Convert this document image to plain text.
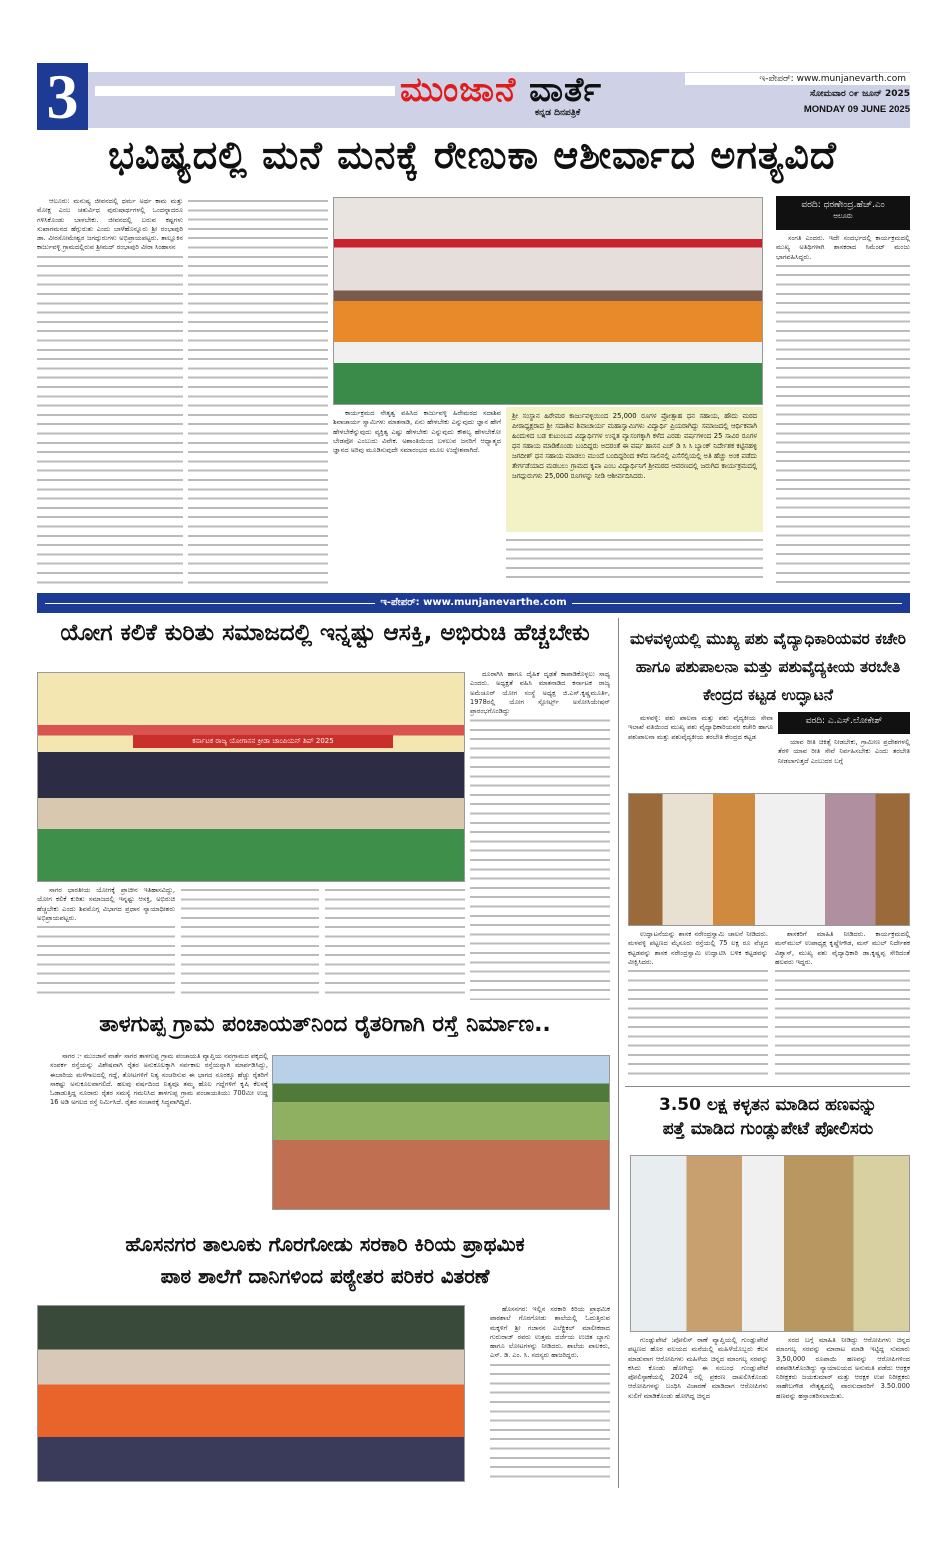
3	ಮುಂಜಾನೆ ವಾರ್ತೆ
ಕನ್ನಡ ದಿನಪತ್ರಿಕೆ
ಇ-ಪೇಪರ್: www.munjanevarth.com
ಸೋಮವಾರ ೦೯ ಜೂನ್ 2025
MONDAY 09 JUNE 2025
ಭವಿಷ್ಯದಲ್ಲಿ ಮನೆ ಮನಕ್ಕೆ ರೇಣುಕಾ ಆಶೀರ್ವಾದ ಅಗತ್ಯವಿದೆ

ಆಲೂರು: ಮನುಷ್ಯ ಜೀವನದಲ್ಲಿ ಧರ್ಮ ಅರ್ಥ ಕಾಮ ಮತ್ತು ಮೋಕ್ಷ ಎಂಬ ಚತುರ್ವಿಧ ಪುರುಷಾರ್ಥಗಳಲ್ಲಿ ಒಂದನ್ನಾದರೂ ಗಳಿಸಿಕೊಂಡು ಬಾಳಬೇಕು. ಜೀವನದಲ್ಲಿ ಬರುವ ಕಷ್ಟಗಳು ಸುಖಾಗಮನದ ಹೆಗ್ಗುರುತು ಎಂದು ಬಾಳೆಹೊನ್ನೂರು ಶ್ರೀ ರಂಭಾಪುರಿ ಡಾ. ವೀರಸೋಮೇಶ್ವರ ಜಗದ್ಗುರುಗಳು ಅಭಿಪ್ರಾಯಪಟ್ಟರು. ತಾಲ್ಲೂಕಿನ ಕಾರ್ಜುವಳ್ಳಿ ಗ್ರಾಮದಲ್ಲಿರುವ ಶ್ರೀಮದ್ ರಂಭಾಪುರಿ ವೀರಾ ಸಿಂಹಾಸನ

ಕಾರ್ಯಕ್ರಮದ ನೇತೃತ್ವ ವಹಿಸಿದ ಕಾರ್ಜುವಳ್ಳಿ ಹಿರೇಮಠದ ಸದಾಶಿವ ಶಿವಾಚಾರ್ಯ ಸ್ವಾಮಿಗಳು ಮಾತನಾಡಿ, ಏನು ಹೇಳಬೇಕು ಎನ್ನುವುದು ಜ್ಞಾನ ಹೇಗೆ ಹೇಳಬೇಕೆನ್ನುವುದು ವ್ಯಕ್ತಿತ್ವ ಎಷ್ಟು ಹೇಳಬೇಕು ಎನ್ನುವುದು ಕೌಶಲ್ಯ ಹೇಳಬೇಕೋ ಬೇಡವೋ ಎಂಬುದು ವಿವೇಕ. ಅಶಾಂತಿಯಿಂದ ಬಳಲುವ ಜನರಿಗೆ ಆಧ್ಯಾತ್ಮದ ಜ್ಞಾನದ ಅರಿವು ಮೂಡಿಸುವುದೇ ಸಮಾರಂಭದ ಮೂಲ ಉದ್ದೇಶವಾಗಿದೆ.

ಶ್ರೀ ಸಂಸ್ಥಾನ ಹಿರೇಮಠ ಕಾರ್ಜುವಳ್ಳಿಯಿಂದ 25,000 ರೂಗಳ ಪ್ರೋತ್ಸಾಹ ಧನ ಸಹಾಯ, ಹೌದು ಮಠದ ಪೀಠಾಧ್ಯಕ್ಷರಾದ ಶ್ರೀ ಸದಾಶಿವ ಶಿವಾಚಾರ್ಯ ಮಹಾಸ್ವಾಮಿಗಳು ವಿದ್ಯಾರ್ಥಿ ಪ್ರಿಯರಾಗಿದ್ದು ಸಮಾಜದಲ್ಲಿ ಆರ್ಥಿಕವಾಗಿ ಹಿಂದುಳಿದ ಬಡ ಕುಟುಂಬದ ವಿದ್ಯಾರ್ಥಿಗಳ ಉನ್ನತ ವ್ಯಾಸಂಗಕ್ಕಾಗಿ ಕಳೆದ ಎರಡು ವರ್ಷಗಳಿಂದ 25 ಸಾವಿರ ರೂಗಳ ಧನ ಸಹಾಯ ಮಾಡಿಕೊಂಡು ಬಂದಿದ್ದರು ಅದರಂತೆ ಈ ವರ್ಷ ಹಾಸನ ಎಚ್ ಡಿ ಸಿ ಸಿ ಬ್ಯಾಂಕ್ ನಿರ್ದೇಶಕ ಕಟ್ಟಿನಹಳ್ಳಿ ಜಗದೀಶ್ ಧನ ಸಹಾಯ ಮಾಡಲು ಮುಂದೆ ಬಂದಿದ್ದರಿಂದ ಕಳೆದ ಸಾಲಿನಲ್ಲಿ ಎಸೆಸೆಲ್ಸಿಯಲ್ಲಿ ಅತಿ ಹೆಚ್ಚು ಅಂಕ ಪಡೆದು ತೇರ್ಗಡೆಯಾದ ಮಡಬಲು ಗ್ರಾಮದ ಕೃಪಾ ಎಂಬ ವಿದ್ಯಾರ್ಥಿನಿಗೆ ಶ್ರೀಮಠದ ಆವರಣದಲ್ಲಿ ಜರುಗಿದ ಕಾರ್ಯಕ್ರಮದಲ್ಲಿ ಜಗದ್ಗುರುಗಳು 25,000 ರೂಗಳನ್ನು ನೀಡಿ ಆಶೀರ್ವದಿಸಿದರು.
ವರದಿ: ಧರಣೇಂದ್ರ.ಹೆಚ್.ಎಂ
ಆಲೂರು

ಸಂಗತಿ ಎಂದರು. ಇದೇ ಸಂದರ್ಭದಲ್ಲಿ ಕಾರ್ಯಕ್ರಮದಲ್ಲಿ ಮುಖ್ಯ ಅತಿಥಿಗಳಾಗಿ ಶಾಸಕರಾದ ಸಿಮೆಂಟ್ ಮಂಜು ಭಾಗವಹಿಸಿದ್ದರು.

ಇ-ಪೇಪರ್: www.munjanevarthe.com
ಯೋಗ ಕಲಿಕೆ ಕುರಿತು ಸಮಾಜದಲ್ಲಿ ಇನ್ನಷ್ಟು ಆಸಕ್ತಿ, ಅಭಿರುಚಿ ಹೆಚ್ಚಬೇಕು
ಕರ್ನಾಟಕ ರಾಜ್ಯ ಯೋಗಾಸನ ಕ್ರೀಡಾ ಚಾಂಪಿಯನ್ ಶಿಪ್ 2025

ದೂರಾಗಿಸಿ ಹಾಗೂ ದೈಹಿಕ ದೃಢತೆ ಕಾಪಾಡಿಕೊಳ್ಳಲು ಸಾಧ್ಯ ಎಂದರು. ಅಧ್ಯಕ್ಷತೆ ವಹಿಸಿ ಮಾತನಾಡಿದ ಕರ್ನಾಟಕ ರಾಜ್ಯ ಅಮೆಚೂರ್ ಯೋಗ ಸಂಸ್ಥೆ ಅಧ್ಯಕ್ಷ ಜಿ.ಎಸ್.ಕೃಷ್ಣಮೂರ್ತಿ, 1978ರಲ್ಲಿ ಯೋಗ ಸ್ಪೋರ್ಟ್ಸ್ ಅಸೋಸಿಯೇಷನ್ ಪ್ರಾರಂಭಗೊಂಡಿದ್ದು

ಸಾಗರ ಭಾರತೀಯ ಯೋಗಕ್ಕೆ ಪ್ರಾಚೀನ ಇತಿಹಾಸವಿದ್ದು, ಯೋಗ ಕಲಿಕೆ ಕುರಿತು ಸಮಾಜದಲ್ಲಿ ಇನ್ನಷ್ಟು ಆಸಕ್ತಿ, ಅಭಿರುಚಿ ಹೆಚ್ಚಬೇಕು ಎಂದು ಶಿವಮೊಗ್ಗ ವಿಭಾಗದ ಪ್ರಧಾನ ನ್ಯಾಯಾಧೀಶರು ಅಭಿಪ್ರಾಯಪಟ್ಟರು.

ಮಳವಳ್ಳಿಯಲ್ಲಿ ಮುಖ್ಯ ಪಶು ವೈದ್ಯಾಧಿಕಾರಿಯವರ ಕಚೇರಿ ಹಾಗೂ ಪಶುಪಾಲನಾ ಮತ್ತು ಪಶುವೈದ್ಯಕೀಯ ತರಬೇತಿ ಕೇಂದ್ರದ ಕಟ್ಟಡ ಉದ್ಘಾಟನೆ
ವರದಿ: ಎ.ಎಸ್.ಲೋಕೇಶ್

ಮಳವಳ್ಳಿ: ಪಶು ಪಾಲನಾ ಮತ್ತು ಪಶು ವೈದ್ಯಕೀಯ ಸೇವಾ ಇಲಾಖೆ ವತಿಯಿಂದ ಮುಖ್ಯ ಪಶು ವೈದ್ಯಾಧಿಕಾರಿಯವರ ಕಚೇರಿ ಹಾಗೂ ಪಶುಪಾಲನಾ ಮತ್ತು ಪಶುವೈದ್ಯಕೀಯ ತರಬೇತಿ ಕೇಂದ್ರದ ಕಟ್ಟಡ

ಯಾವ ರೀತಿ ಚಿಕಿತ್ಸೆ ನೀಡಬೇಕು, ಗ್ರಾಮೀಣ ಪ್ರದೇಶಗಳಲ್ಲಿ ತೆರಳಿ ಯಾವ ರೀತಿ ಸೇವೆ ನಿರ್ವಹಿಸಬೇಕು ಎಂದು ತರಬೇತಿ ನೀಡಲಾಗುತ್ತದೆ ಎಂಬುದರ ಬಗ್ಗೆ

ಉದ್ಘಾಟನೆಯನ್ನು ಶಾಸಕ ನರೇಂದ್ರಸ್ವಾಮಿ ಚಾಲನೆ ನೀಡಿದರು. ಮಳವಳ್ಳಿ ಪಟ್ಟಣದ ಮೈಸೂರು ರಸ್ತೆಯಲ್ಲಿ 75 ಲಕ್ಷ ರೂ ವೆಚ್ಚದ ಕಟ್ಟಡವನ್ನು ಶಾಸಕ ನರೇಂದ್ರಸ್ವಾಮಿ ಉದ್ಘಾಟಿಸಿ ಬಳಿಕ ಕಟ್ಟಡವನ್ನು ವೀಕ್ಷಿಸಿದರು.

ಶಾಸಕರಿಗೆ ಮಾಹಿತಿ ನೀಡಿದರು. ಕಾರ್ಯಕ್ರಮದಲ್ಲಿ ಮನ್‌ಮುಲ್ ಉಪಾಧ್ಯಕ್ಷ ಕೃಷ್ಣೇಗೌಡ, ಮನ್ ಮುಲ್ ನಿರ್ದೇಶಕ ವಿಶ್ವಾಸ್, ಮುಖ್ಯ ಪಶು ವೈದ್ಯಾಧಿಕಾರಿ ಡಾ.ಕೃಷ್ಣಪ್ಪ ಸೇರಿದಂತೆ ಹಲವರು ಇದ್ದರು.

ತಾಳಗುಪ್ಪ ಗ್ರಾಮ ಪಂಚಾಯತ್‌ನಿಂದ ರೈತರಿಗಾಗಿ ರಸ್ತೆ ನಿರ್ಮಾಣ..

ಸಾಗರ :- ಮುಂಜಾನೆ ವಾರ್ತೆ ಸಾಗರ ತಾಳಗುಪ್ಪ ಗ್ರಾಮ ಪಂಚಾಯತಿ ವ್ಯಾಪ್ತಿಯ ನವಗ್ರಾಮದ ಪಕ್ಕದಲ್ಲಿ ಸಂಪರ್ಕ ರಸ್ತೆಯನ್ನು ವಿಶೇಷವಾಗಿ ರೈತರ ಅನುಕೂಲಕ್ಕಾಗಿ ಸರ್ವಕಾಲ ರಸ್ತೆಯನ್ನಾಗಿ ಮಾರ್ಪಡಿಸಿದ್ದು, ಈಬಾರಿಯ ಮಳೆಗಾಲದಲ್ಲಿ ಗದ್ದೆ, ತೋಟಗಳಿಗೆ ನಿತ್ಯ ಸಂಚರಿಸುವ ಈ ಭಾಗದ ನೂರಕ್ಕೂ ಹೆಚ್ಚು ರೈತರಿಗೆ ಸಾಕಷ್ಟು ಅನುಕೂಲವಾಗಲಿದೆ. ಹಲವು ವರ್ಷದಿಂದ ನಿತ್ಯವೂ ತಮ್ಮ ಹೊಲ ಗದ್ದೆಗಳಿಗೆ ಕೃಷಿ ಕೆಲಸಕ್ಕೆ ಓಡಾಡುತ್ತಿದ್ದ ನೂರಾರು ರೈತರ ಸಮಸ್ಯೆ ಗಮನಿಸಿದ ತಾಳಗುಪ್ಪ ಗ್ರಾಮ ಪಂಚಾಯತಿಯು 700ಮೀ ಉದ್ದ 16 ಅಡಿ ಅಗಲದ ರಸ್ತೆ ನಿರ್ಮಿಸಿದೆ. ರೈತರ ಸಂಚಾರಕ್ಕೆ ಸಿದ್ಧವಾಗಿದ್ದಿದೆ.	3.50 ಲಕ್ಷ ಕಳ್ಳತನ ಮಾಡಿದ ಹಣವನ್ನು
ಪತ್ತೆ ಮಾಡಿದ ಗುಂಡ್ಲುಪೇಟೆ ಪೋಲಿಸರು

ಗುಂಡ್ಲುಪೇಟೆ :ಪೋಲಿಸ್ ಠಾಣೆ ವ್ಯಾಪ್ತಿಯಲ್ಲಿ ಗುಂಡ್ಲುಪೇಟೆ ಪಟ್ಟಣದ ಹೊರ ವಲಯದ ಮನೆಯಲ್ಲಿ ಮಹಿಳೆಯೊಬ್ಬರು ಕೆಲಸ ಮಾಡುವಾಗ ಆರೋಪಿಗಳು ಮಹಿಳೆಯ ಚಿನ್ನದ ಮಾಂಗಲ್ಯ ಸರವನ್ನು ಕಸಿದು ಕೊಂಡು ಹೋಗಿದ್ದು ಈ ಸಂಬಂಧ ಗುಂಡ್ಲುಪೇಟೆ ಪೋಲಿಸ್ಠಾಣೆಯಲ್ಲಿ 2024 ರಲ್ಲಿ ಪ್ರಕರಣ ದಾಖಲಿಸಿಕೊಂಡು ಆರೋಪಿಗಳನ್ನು ಬಂಧಿಸಿ ವಿಚಾರಣೆ ಮಾಡಿದಾಗ ಆರೋಪಿಗಳು ಸುಲಿಗೆ ಮಾಡಿಕೊಂಡು ಹೋಗಿದ್ದ ಚಿನ್ನದ

ಸರದ ಬಗ್ಗೆ ಮಾಹಿತಿ ನೀಡಿದ್ದು ಆರೋಪಿಗಳು ಚಿನ್ನದ ಮಾಂಗಲ್ಯ ಸರವನ್ನು ಮಾರಾಟ ಮಾಡಿ ಇಟ್ಟಿದ್ದ ಸುಮಾರು 3,50,000 ರೂಪಾಯಿ ಹಣವನ್ನು ಆರೋಪಿಗಳಿಂದ ವಶಪಡಿಸಿಕೊಂಡಿದ್ದು ನ್ಯಾಯಾಲಯದ ಅನುಮತಿ ಪಡೆದು ಆರಕ್ಷಕ ನಿರೀಕ್ಷಕರು ಜಯಕುಮಾರ್ ಮತ್ತು ಆರಕ್ಷಕ ಉಪ ನಿರೀಕ್ಷಕರು ಸಾಹೇಬಗೌಡ ನೇತೃತ್ವದಲ್ಲಿ ವಾರಸುದಾರರಿಗೆ 3.50.000 ಹಣವನ್ನು ಹಸ್ತಾಂತರಿಸಲಾಯಿತು.

ಹೊಸನಗರ ತಾಲೂಕು ಗೊರಗೋಡು ಸರಕಾರಿ ಕಿರಿಯ ಪ್ರಾಥಮಿಕ
ಪಾಠ ಶಾಲೆಗೆ ದಾನಿಗಳಿಂದ ಪಠ್ಯೇತರ ಪರಿಕರ ವಿತರಣೆ

ಹೊಸನಗರ: ಇಲ್ಲಿನ ಸರಕಾರಿ ಕಿರಿಯ ಪ್ರಾಥಮಿಕ ಪಾಠಶಾಲೆ ಗೊರಗೋಡು ಶಾಲೆಯಲ್ಲಿ ಓದುತ್ತಿರುವ ಮಕ್ಕಳಿಗೆ ಶ್ರೀ ಗಜಾನನ ಎಲೆಕ್ಟ್ರಿಕಲ್ ಮಾಲೀಕರಾದ ಗುರುರಾಜ್ ರವರು ಉತ್ತಮ ದರ್ಜೆಯ ಉಚಿತ ಬ್ಯಾಗು ಹಾಗೂ ಲೋಟಗಳನ್ನು ನೀಡಿದರು. ಶಾಲೆಯ ಪಾಲಕರು, ಎಸ್. ಡಿ. ಎಂ. ಸಿ. ಸದಸ್ಯರು ಹಾಜರಿದ್ದರು.
